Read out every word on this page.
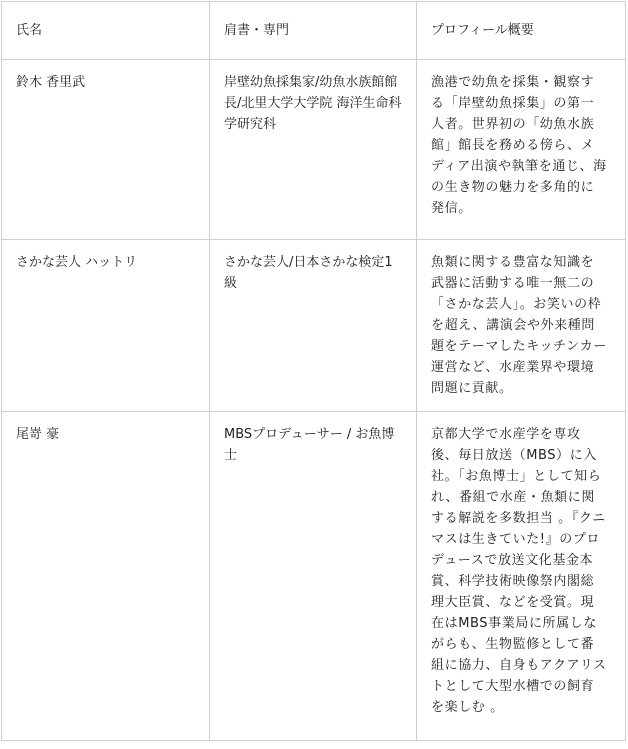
氏名	肩書・専門	プロフィール概要
鈴木 香里武	岸壁幼魚採集家/幼魚水族館館長/北里大学大学院 海洋生命科学研究科	漁港で幼魚を採集・観察する「岸壁幼魚採集」の第一人者。世界初の「幼魚水族館」館長を務める傍ら、メディア出演や執筆を通じ、海の生き物の魅力を多角的に発信。
さかな芸人 ハットリ	さかな芸人/日本さかな検定1級	魚類に関する豊富な知識を武器に活動する唯一無二の「さかな芸人」。お笑いの枠を超え、講演会や外来種問題をテーマしたキッチンカー運営など、水産業界や環境問題に貢献。
尾嵜 豪	MBSプロデューサー / お魚博士	京都大学で水産学を専攻後、毎日放送（MBS）に入社。「お魚博士」として知られ、番組で水産・魚類に関する解説を多数担当 。『クニマスは生きていた!』のプロデュースで放送文化基金本賞、科学技術映像祭内閣総理大臣賞、などを受賞。現在はMBS事業局に所属しながらも、生物監修として番組に協力、自身もアクアリストとして大型水槽での飼育を楽しむ 。
